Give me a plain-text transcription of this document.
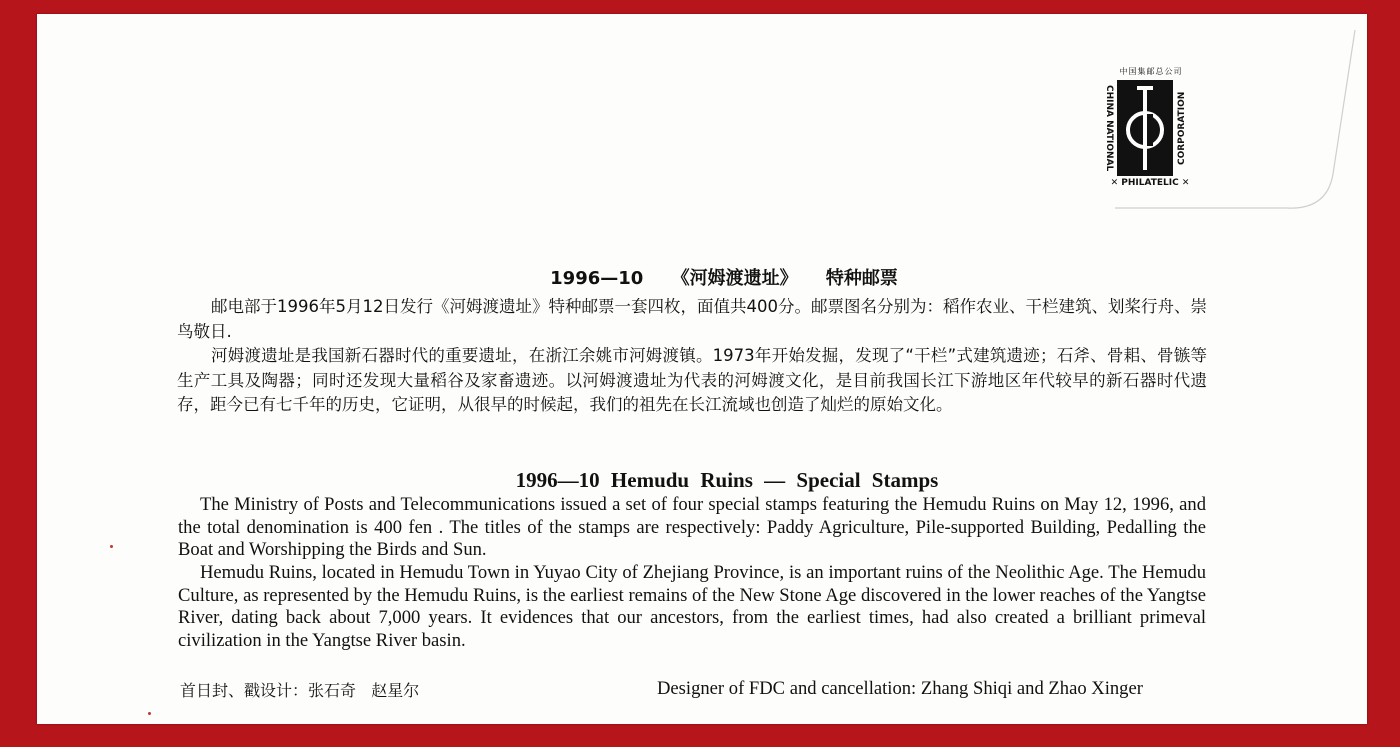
中国集邮总公司
CHINA NATIONAL	CORPORATION
✕ PHILATELIC ✕
1996—10 《河姆渡遗址》 特种邮票

邮电部于1996年5月12日发行《河姆渡遗址》特种邮票一套四枚，面值共400分。邮票图名分别为：稻作农业、干栏建筑、划桨行舟、崇鸟敬日.

河姆渡遗址是我国新石器时代的重要遗址，在浙江余姚市河姆渡镇。1973年开始发掘，发现了“干栏”式建筑遗迹；石斧、骨耜、骨镞等生产工具及陶器；同时还发现大量稻谷及家畜遗迹。以河姆渡遗址为代表的河姆渡文化，是目前我国长江下游地区年代较早的新石器时代遗存，距今已有七千年的历史，它证明，从很早的时候起，我们的祖先在长江流域也创造了灿烂的原始文化。

1996—10 Hemudu Ruins — Special Stamps

The Ministry of Posts and Telecommunications issued a set of four special stamps featuring the Hemudu Ruins on May 12, 1996, and the total denomination is 400 fen . The titles of the stamps are respectively: Paddy Agriculture, Pile-supported Building, Pedalling the Boat and Worshipping the Birds and Sun.

Hemudu Ruins, located in Hemudu Town in Yuyao City of Zhejiang Province, is an important ruins of the Neolithic Age. The Hemudu Culture, as represented by the Hemudu Ruins, is the earliest remains of the New Stone Age discovered in the lower reaches of the Yangtse River, dating back about 7,000 years. It evidences that our ancestors, from the earliest times, had also created a brilliant primeval civilization in the Yangtse River basin.

首日封、戳设计：张石奇   赵星尔	Designer of FDC and cancellation: Zhang Shiqi and Zhao Xinger
